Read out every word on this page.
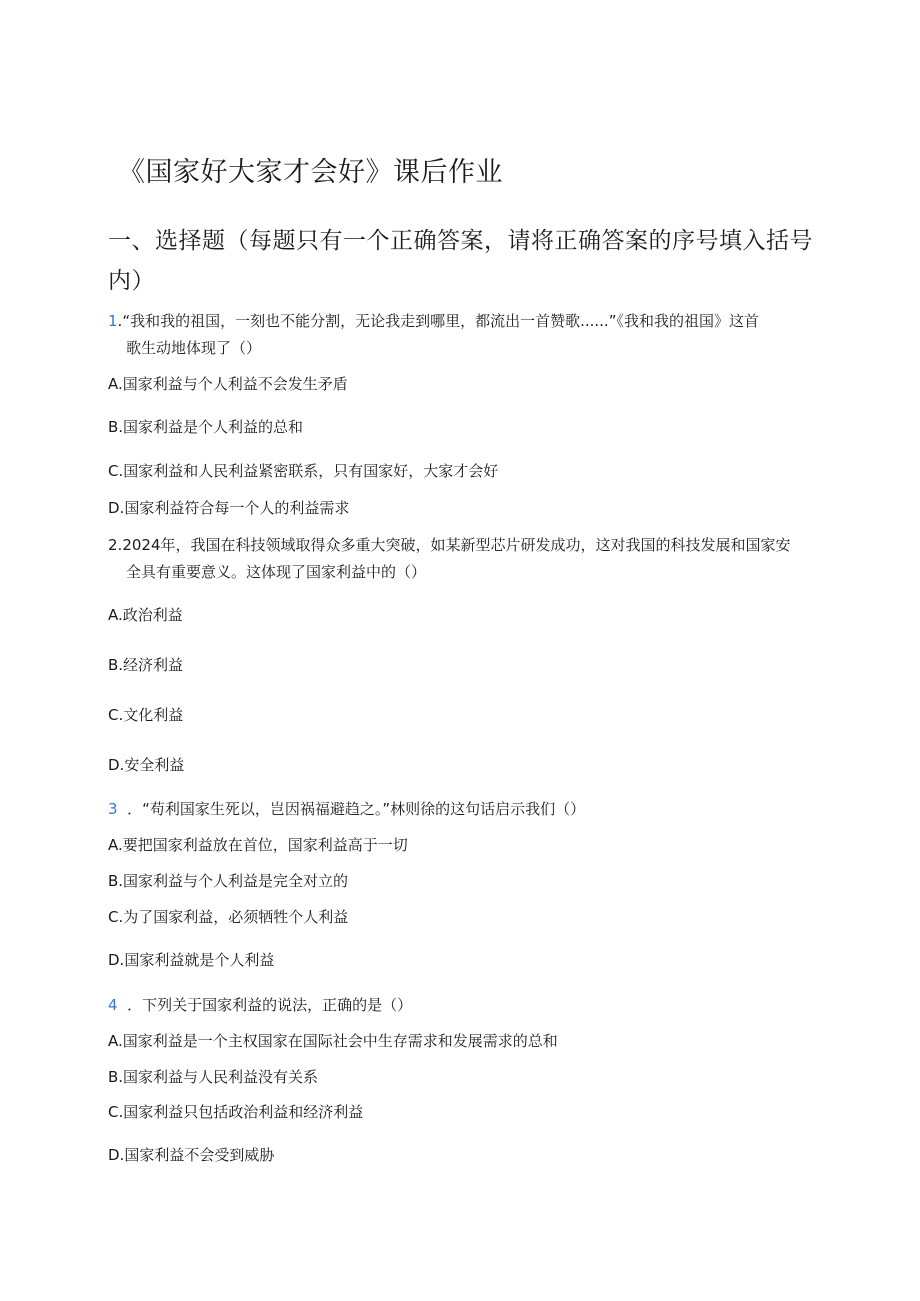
《国家好大家才会好》课后作业
一、选择题（每题只有一个正确答案，请将正确答案的序号填入括号
内）
1.“我和我的祖国，一刻也不能分割，无论我走到哪里，都流出一首赞歌......”《我和我的祖国》这首
歌生动地体现了（）
A.国家利益与个人利益不会发生矛盾
B.国家利益是个人利益的总和
C.国家利益和人民利益紧密联系，只有国家好，大家才会好
D.国家利益符合每一个人的利益需求
2.2024年，我国在科技领域取得众多重大突破，如某新型芯片研发成功，这对我国的科技发展和国家安
全具有重要意义。这体现了国家利益中的（）
A.政治利益
B.经济利益
C.文化利益
D.安全利益
3 ．“苟利国家生死以，岂因祸福避趋之。”林则徐的这句话启示我们（）
A.要把国家利益放在首位，国家利益高于一切
B.国家利益与个人利益是完全对立的
C.为了国家利益，必须牺牲个人利益
D.国家利益就是个人利益
4 ．下列关于国家利益的说法，正确的是（）
A.国家利益是一个主权国家在国际社会中生存需求和发展需求的总和
B.国家利益与人民利益没有关系
C.国家利益只包括政治利益和经济利益
D.国家利益不会受到威胁
